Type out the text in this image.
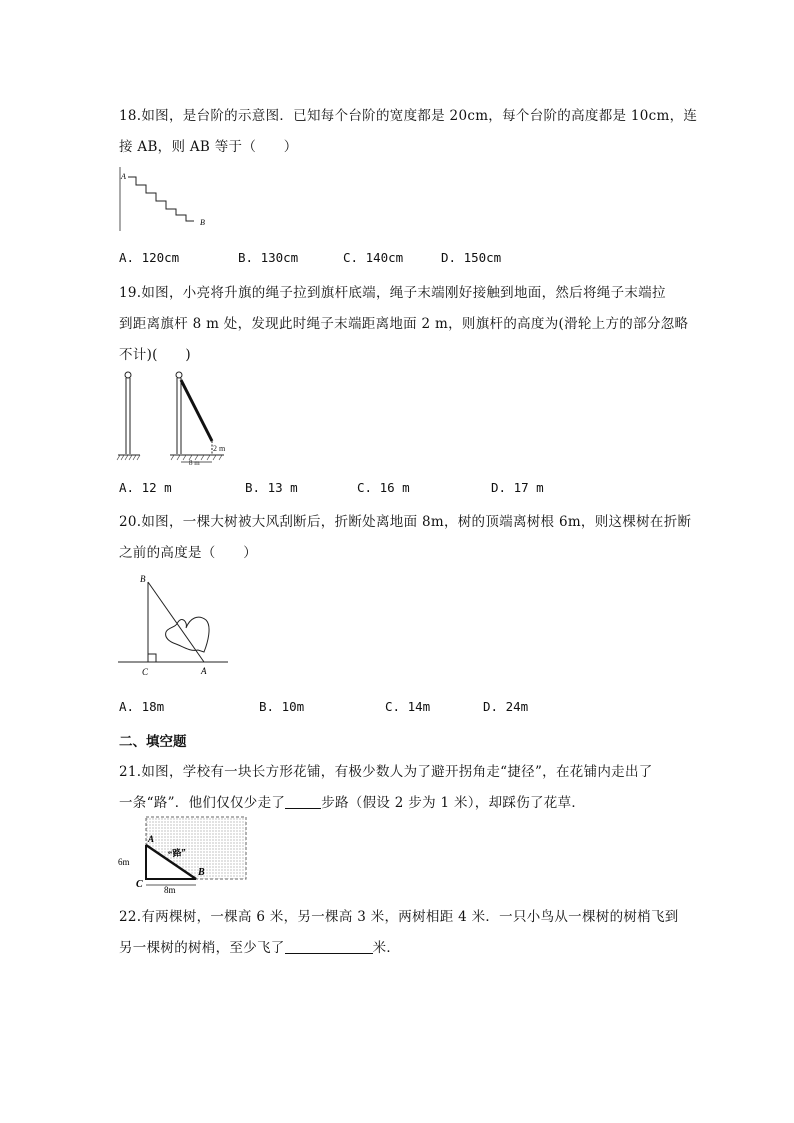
18.如图，是台阶的示意图．已知每个台阶的宽度都是 20cm，每个台阶的高度都是 10cm，连
接 AB，则 AB 等于（　　）
A
B
A. 120cm	B. 130cm	C. 140cm	D. 150cm
19.如图，小亮将升旗的绳子拉到旗杆底端，绳子末端刚好接触到地面，然后将绳子末端拉
到距离旗杆 8 m 处，发现此时绳子末端距离地面 2 m，则旗杆的高度为(滑轮上方的部分忽略
不计)(　　)
8 m
2 m
A. 12 m	B. 13 m	C. 16 m	D. 17 m
20.如图，一棵大树被大风刮断后，折断处离地面 8m，树的顶端离树根 6m，则这棵树在折断
之前的高度是（　　）
B
C	A
A. 18m	B. 10m	C. 14m	D. 24m
二、填空题
21.如图，学校有一块长方形花铺，有极少数人为了避开拐角走“捷径”，在花铺内走出了
一条“路”．他们仅仅少走了	步路（假设 2 步为 1 米），却踩伤了花草．
A
C
B
6m
8m
“路”
22.有两棵树，一棵高 6 米，另一棵高 3 米，两树相距 4 米．一只小鸟从一棵树的树梢飞到
另一棵树的树梢，至少飞了	米．
